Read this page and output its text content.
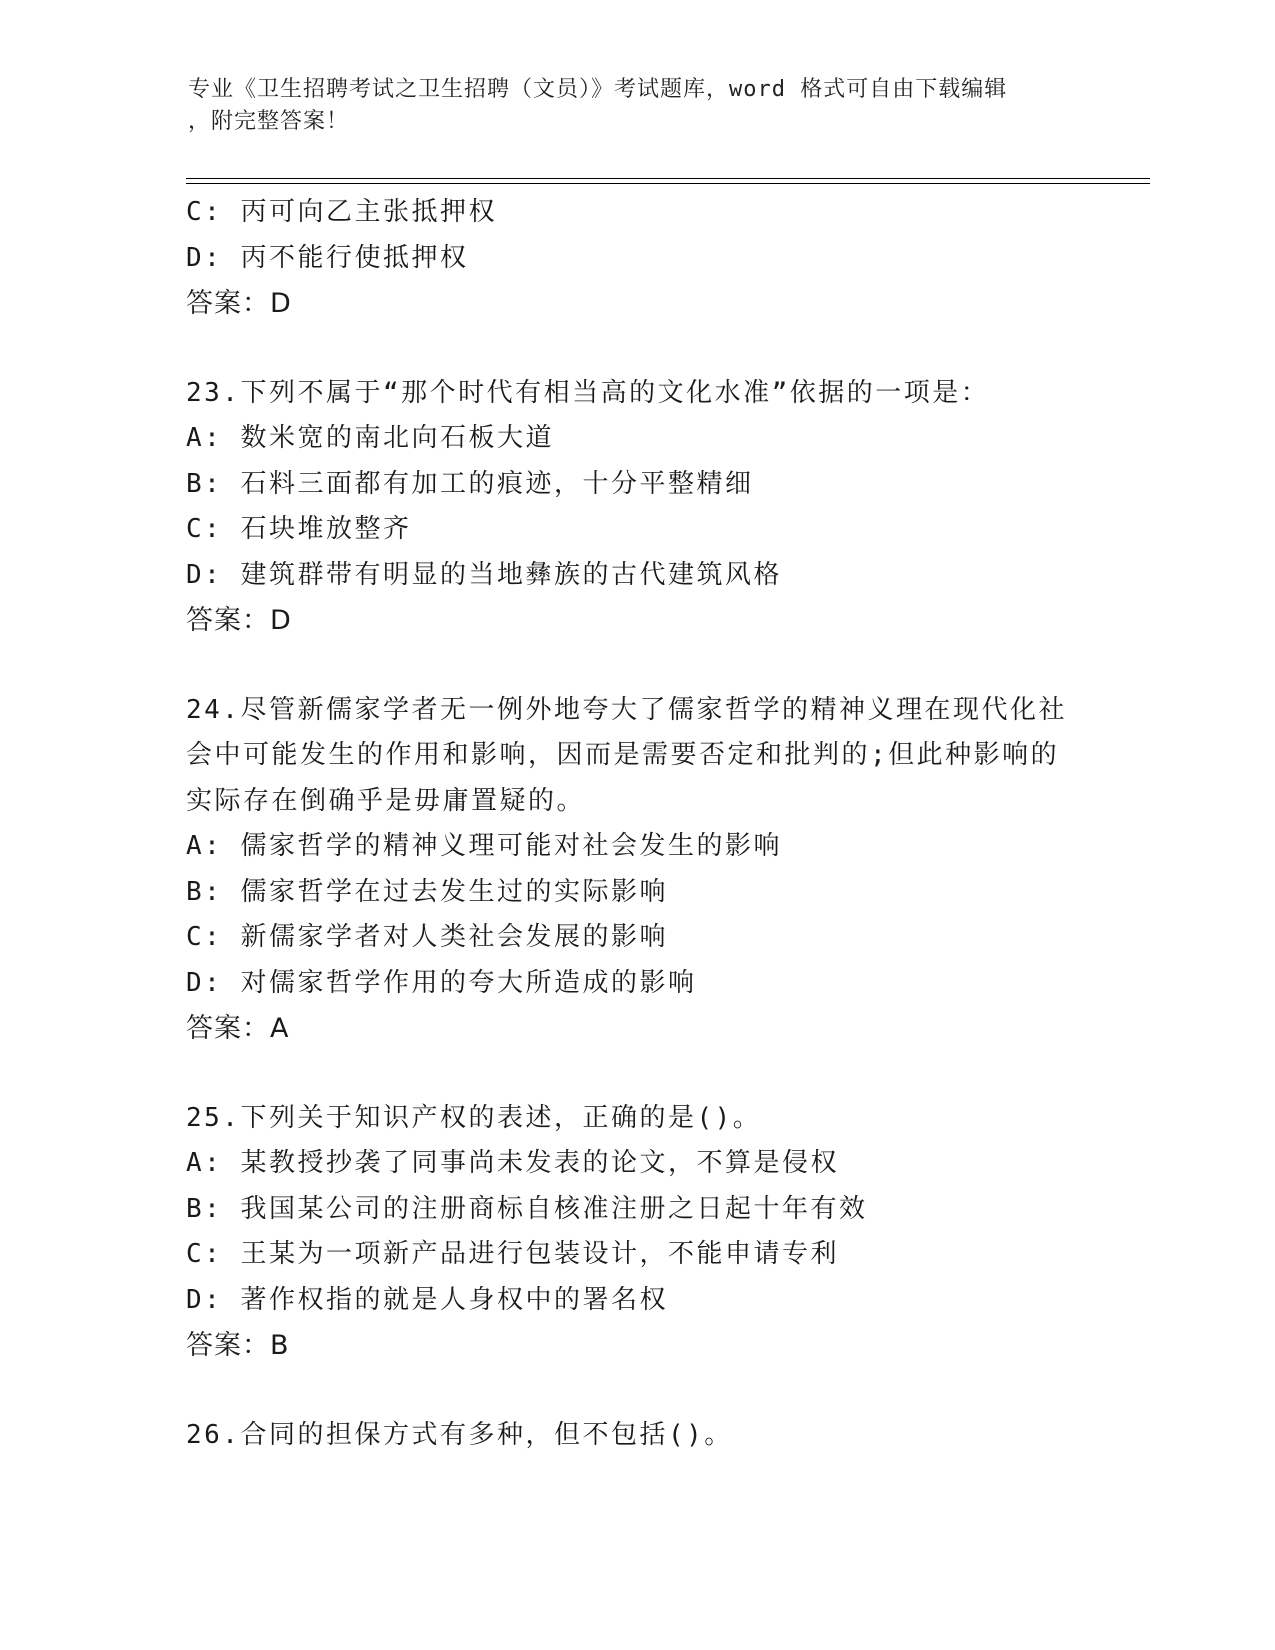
专业《卫生招聘考试之卫生招聘（文员）》考试题库，word 格式可自由下载编辑
，附完整答案！
C: 丙可向乙主张抵押权
D: 丙不能行使抵押权
答案：D
23.下列不属于“那个时代有相当高的文化水准”依据的一项是：
A: 数米宽的南北向石板大道
B: 石料三面都有加工的痕迹，十分平整精细
C: 石块堆放整齐
D: 建筑群带有明显的当地彝族的古代建筑风格
答案：D
24.尽管新儒家学者无一例外地夸大了儒家哲学的精神义理在现代化社
会中可能发生的作用和影响，因而是需要否定和批判的;但此种影响的
实际存在倒确乎是毋庸置疑的。
A: 儒家哲学的精神义理可能对社会发生的影响
B: 儒家哲学在过去发生过的实际影响
C: 新儒家学者对人类社会发展的影响
D: 对儒家哲学作用的夸大所造成的影响
答案：A
25.下列关于知识产权的表述，正确的是()。
A: 某教授抄袭了同事尚未发表的论文，不算是侵权
B: 我国某公司的注册商标自核准注册之日起十年有效
C: 王某为一项新产品进行包装设计，不能申请专利
D: 著作权指的就是人身权中的署名权
答案：B
26.合同的担保方式有多种，但不包括()。
